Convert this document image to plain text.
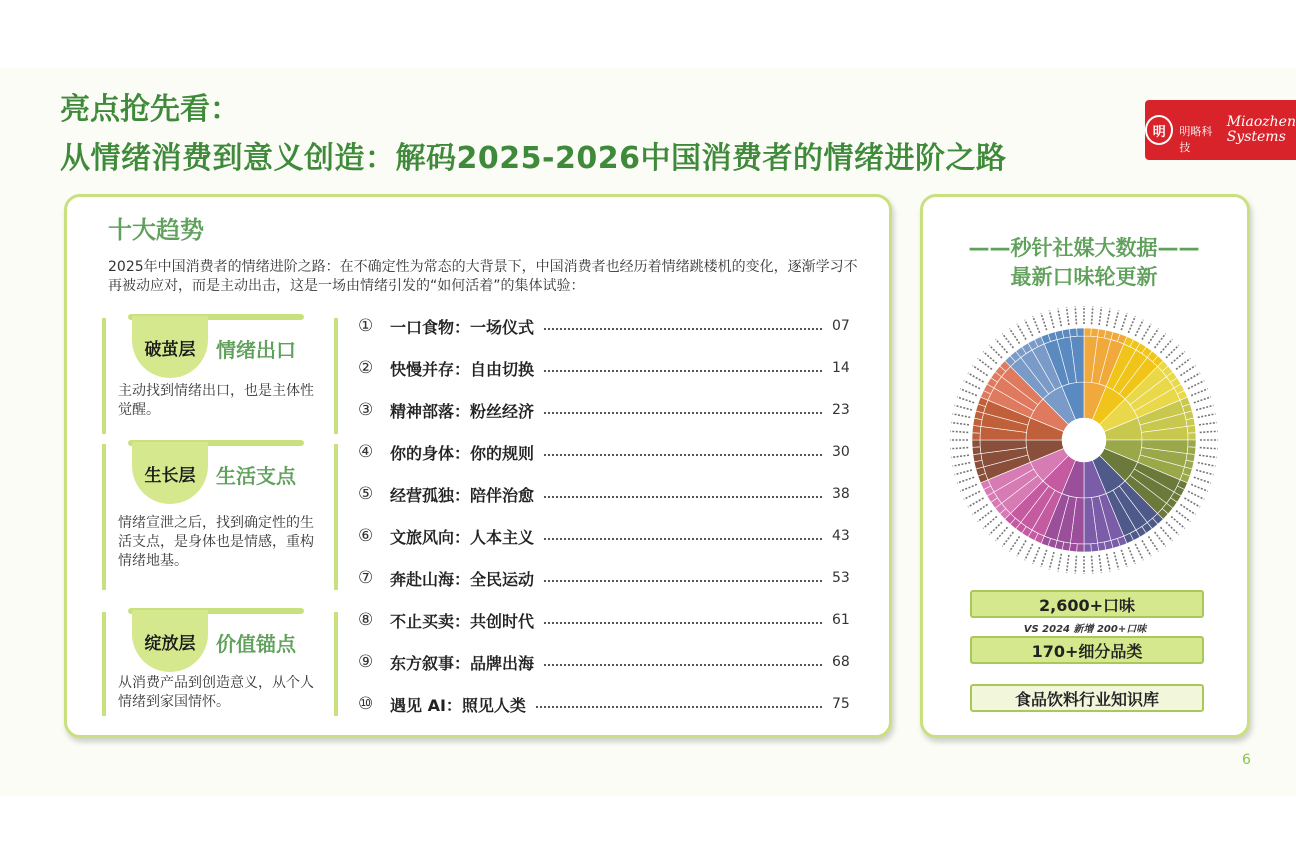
亮点抢先看：
从情绪消费到意义创造：解码2025-2026中国消费者的情绪进阶之路
明	明略科技
Miaozhen
Systems
十大趋势
2025年中国消费者的情绪进阶之路：在不确定性为常态的大背景下，中国消费者也经历着情绪跳楼机的变化，逐渐学习不再被动应对，而是主动出击，这是一场由情绪引发的“如何活着”的集体试验：
破茧层	情绪出口
主动找到情绪出口，也是主体性觉醒。
生长层	生活支点
情绪宣泄之后，找到确定性的生活支点，是身体也是情感，重构情绪地基。
绽放层	价值锚点
从消费产品到创造意义，从个人情绪到家国情怀。
①	一口食物：一场仪式	07
②	快慢并存：自由切换	14
③	精神部落：粉丝经济	23
④	你的身体：你的规则	30
⑤	经营孤独：陪伴治愈	38
⑥	文旅风向：人本主义	43
⑦	奔赴山海：全民运动	53
⑧	不止买卖：共创时代	61
⑨	东方叙事：品牌出海	68
⑩	遇见 AI：照见人类	75
——秒针社媒大数据——
最新口味轮更新
2,600+口味
VS 2024 新增 200+口味
170+细分品类
食品饮料行业知识库
6
